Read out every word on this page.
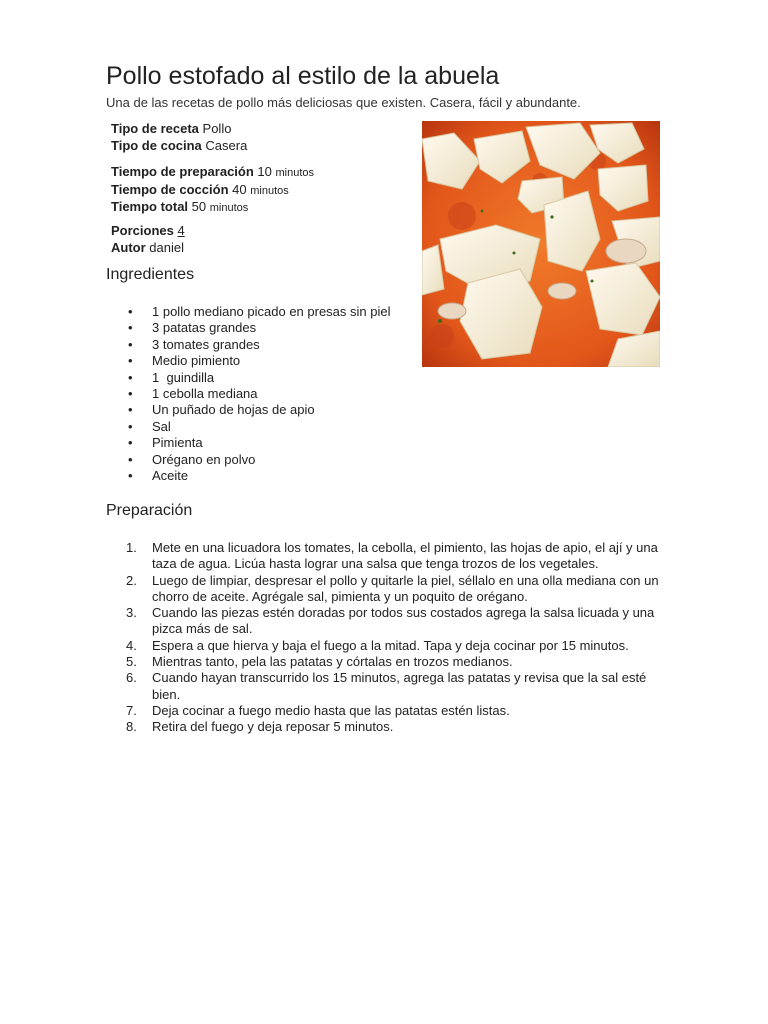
Pollo estofado al estilo de la abuela
Una de las recetas de pollo más deliciosas que existen. Casera, fácil y abundante.
Tipo de receta Pollo
Tipo de cocina Casera
Tiempo de preparación 10 minutos
Tiempo de cocción 40 minutos
Tiempo total 50 minutos
Porciones 4
Autor daniel
Ingredientes
• 1 pollo mediano picado en presas sin piel
• 3 patatas grandes
• 3 tomates grandes
• Medio pimiento
• 1  guindilla
• 1 cebolla mediana
• Un puñado de hojas de apio
• Sal
• Pimienta
• Orégano en polvo
• Aceite
Preparación
1.	Mete en una licuadora los tomates, la cebolla, el pimiento, las hojas de apio, el ají y una taza de agua. Licúa hasta lograr una salsa que tenga trozos de los vegetales.
2.	Luego de limpiar, despresar el pollo y quitarle la piel, séllalo en una olla mediana con un chorro de aceite. Agrégale sal, pimienta y un poquito de orégano.
3.	Cuando las piezas estén doradas por todos sus costados agrega la salsa licuada y una pizca más de sal.
4.	Espera a que hierva y baja el fuego a la mitad. Tapa y deja cocinar por 15 minutos.
5.	Mientras tanto, pela las patatas y córtalas en trozos medianos.
6.	Cuando hayan transcurrido los 15 minutos, agrega las patatas y revisa que la sal esté bien.
7.	Deja cocinar a fuego medio hasta que las patatas estén listas.
8.	Retira del fuego y deja reposar 5 minutos.
